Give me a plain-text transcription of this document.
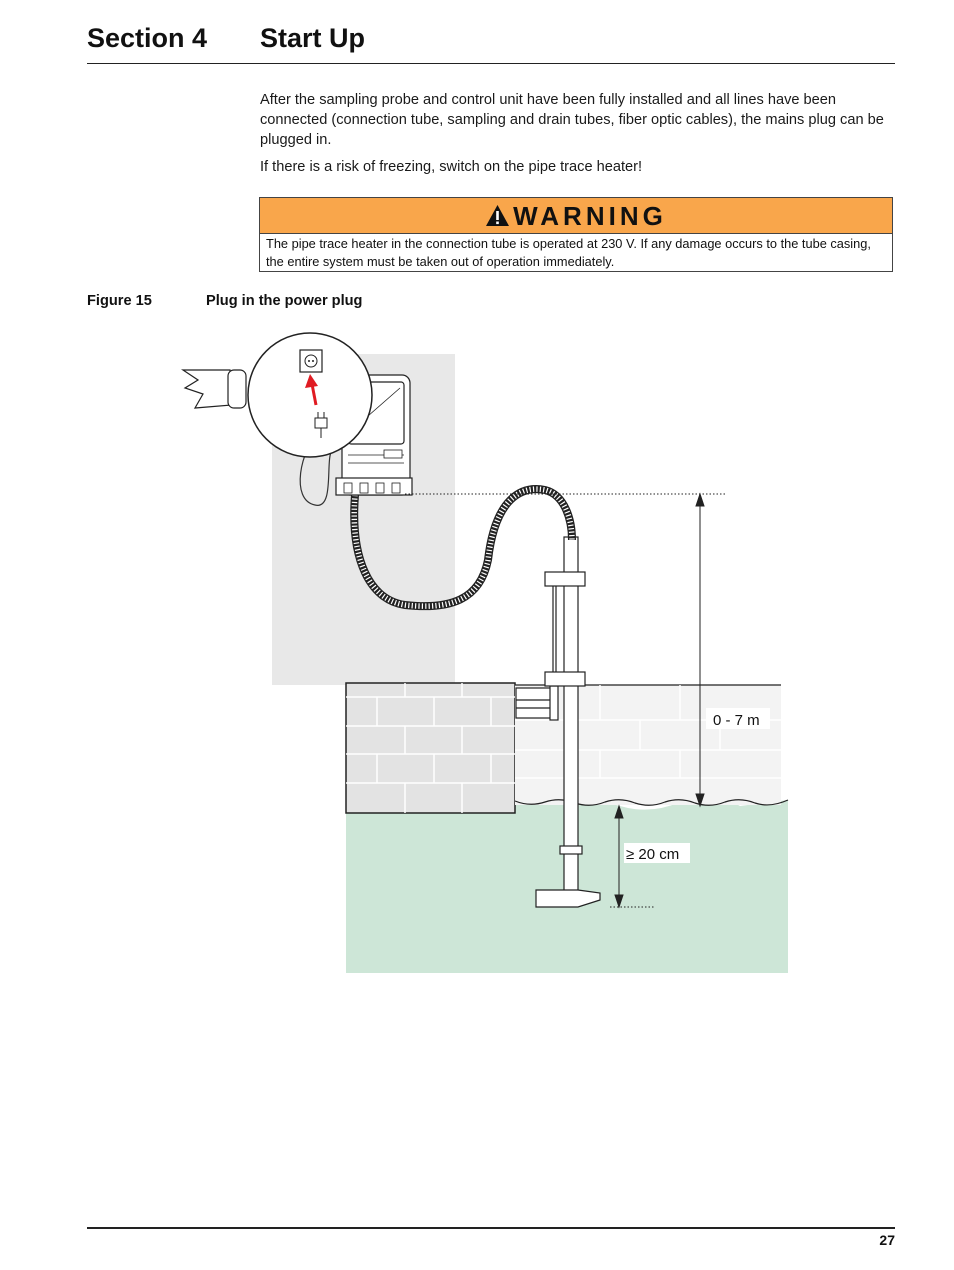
Section 4 Start Up

After the sampling probe and control unit have been fully installed and all lines have been connected (connection tube, sampling and drain tubes, fiber optic cables), the mains plug can be plugged in.

If there is a risk of freezing, switch on the pipe trace heater!

WARNING

The pipe trace heater in the connection tube is operated at 230 V. If any damage occurs to the tube casing, the entire system must be taken out of operation immediately.

Figure 15	Plug in the power plug
0 - 7 m
≥ 20 cm
27
